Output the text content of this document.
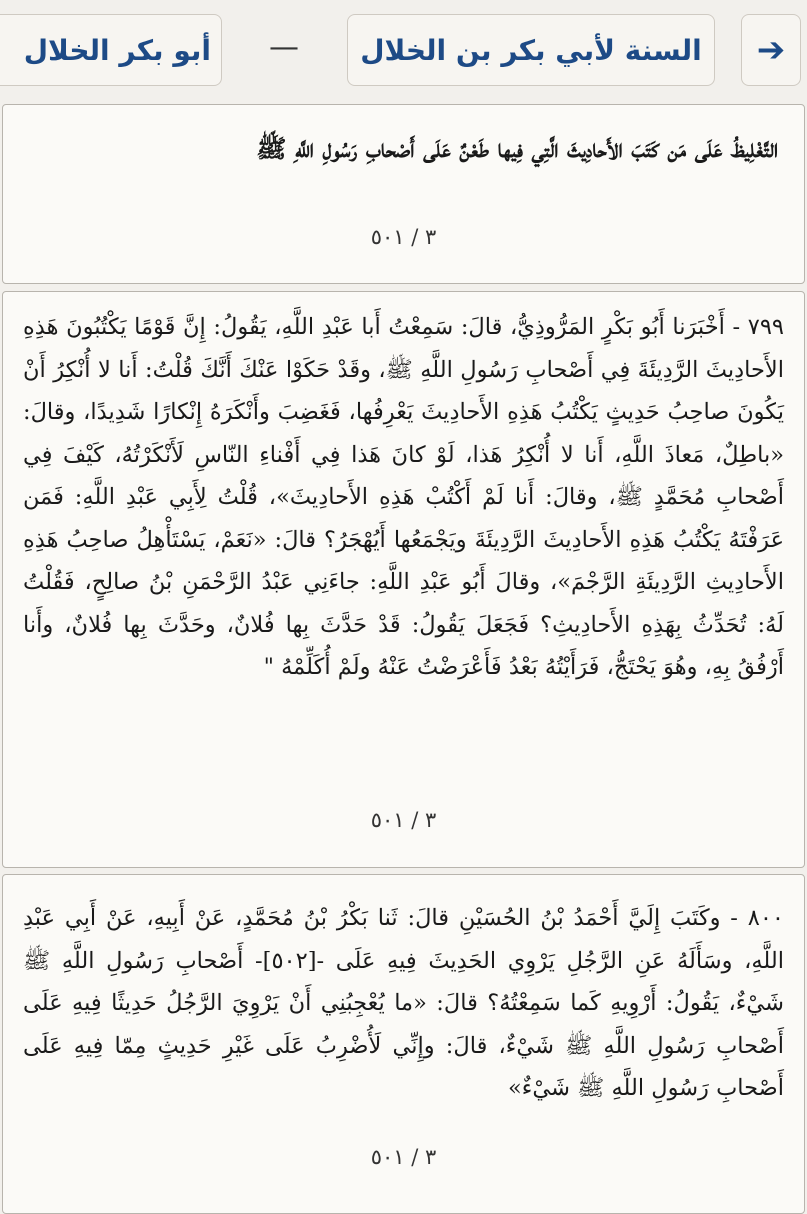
➔
السنة لأبي بكر بن الخلال
—
أبو بكر الخلال
التَّغْلِيظُ عَلَى مَن كَتَبَ الأَحادِيثَ الَّتِي فِيها طَعْنٌ عَلَى أَصْحابِ رَسُولِ اللَّهِ ﷺ
٣ / ٥٠١
٧٩٩ - أَخْبَرَنا أَبُو بَكْرٍ المَرُّوذِيُّ، قالَ: سَمِعْتُ أَبا عَبْدِ اللَّهِ، يَقُولُ: إِنَّ قَوْمًا يَكْتُبُونَ هَذِهِ الأَحادِيثَ الرَّدِيئَةَ فِي أَصْحابِ رَسُولِ اللَّهِ ﷺ، وقَدْ حَكَوْا عَنْكَ أَنَّكَ قُلْتُ: أَنا لا أُنْكِرُ أَنْ يَكُونَ صاحِبُ حَدِيثٍ يَكْتُبُ هَذِهِ الأَحادِيثَ يَعْرِفُها، فَغَضِبَ وأَنْكَرَهُ إِنْكارًا شَدِيدًا، وقالَ: «باطِلٌ، مَعاذَ اللَّهِ، أَنا لا أُنْكِرُ هَذا، لَوْ كانَ هَذا فِي أَفْناءِ النّاسِ لَأَنْكَرْتُهُ، كَيْفَ فِي أَصْحابِ مُحَمَّدٍ ﷺ، وقالَ: أَنا لَمْ أَكْتُبْ هَذِهِ الأَحادِيثَ»، قُلْتُ لِأَبِي عَبْدِ اللَّهِ: فَمَن عَرَفْتَهُ يَكْتُبُ هَذِهِ الأَحادِيثَ الرَّدِيئَةَ ويَجْمَعُها أَيُهْجَرُ؟ قالَ: «نَعَمْ، يَسْتَأْهِلُ صاحِبُ هَذِهِ الأَحادِيثِ الرَّدِيئَةِ الرَّجْمَ»، وقالَ أَبُو عَبْدِ اللَّهِ: جاءَنِي عَبْدُ الرَّحْمَنِ بْنُ صالِحٍ، فَقُلْتُ لَهُ: تُحَدِّثُ بِهَذِهِ الأَحادِيثِ؟ فَجَعَلَ يَقُولُ: قَدْ حَدَّثَ بِها فُلانٌ، وحَدَّثَ بِها فُلانٌ، وأَنا أَرْفُقُ بِهِ، وهُوَ يَحْتَجُّ، فَرَأَيْتُهُ بَعْدُ فَأَعْرَضْتُ عَنْهُ ولَمْ أُكَلِّمْهُ "
٣ / ٥٠١
٨٠٠ - وكَتَبَ إِلَيَّ أَحْمَدُ بْنُ الحُسَيْنِ قالَ: ثَنا بَكْرُ بْنُ مُحَمَّدٍ، عَنْ أَبِيهِ، عَنْ أَبِي عَبْدِ اللَّهِ، وسَأَلَهُ عَنِ الرَّجُلِ يَرْوِي الحَدِيثَ فِيهِ عَلَى -[٥٠٢]- أَصْحابِ رَسُولِ اللَّهِ ﷺ شَيْءٌ، يَقُولُ: أَرْوِيهِ كَما سَمِعْتُهُ؟ قالَ: «ما يُعْجِبُنِي أَنْ يَرْوِيَ الرَّجُلُ حَدِيثًا فِيهِ عَلَى أَصْحابِ رَسُولِ اللَّهِ ﷺ شَيْءٌ، قالَ: وإِنِّي لَأُضْرِبُ عَلَى غَيْرِ حَدِيثٍ مِمّا فِيهِ عَلَى أَصْحابِ رَسُولِ اللَّهِ ﷺ شَيْءٌ»
٣ / ٥٠١
